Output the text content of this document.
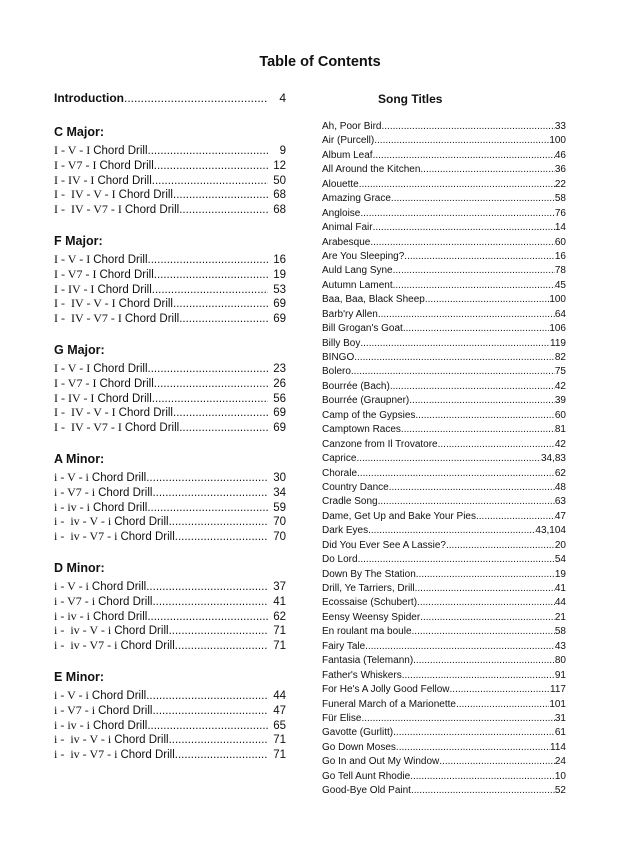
Table of Contents
Introduction .....	4
C Major:
I - V - I Chord Drill .....	9
I - V7 - I Chord Drill .....	12
I - IV - I Chord Drill .....	50
I -  IV - V - I Chord Drill .....	68
I -  IV - V7 - I Chord Drill .....	68
F Major:
I - V - I Chord Drill .....	16
I - V7 - I Chord Drill .....	19
I - IV - I Chord Drill .....	53
I -  IV - V - I Chord Drill .....	69
I -  IV - V7 - I Chord Drill .....	69
G Major:
I - V - I Chord Drill .....	23
I - V7 - I Chord Drill .....	26
I - IV - I Chord Drill .....	56
I -  IV - V - I Chord Drill .....	69
I -  IV - V7 - I Chord Drill .....	69
A Minor:
i - V - i Chord Drill .....	30
i - V7 - i Chord Drill .....	34
i - iv - i Chord Drill .....	59
i -  iv - V - i Chord Drill .....	70
i -  iv - V7 - i Chord Drill .....	70
D Minor:
i - V - i Chord Drill .....	37
i - V7 - i Chord Drill .....	41
i - iv - i Chord Drill .....	62
i -  iv - V - i Chord Drill .....	71
i -  iv - V7 - i Chord Drill .....	71
E Minor:
i - V - i Chord Drill .....	44
i - V7 - i Chord Drill .....	47
i - iv - i Chord Drill .....	65
i -  iv - V - i Chord Drill .....	71
i -  iv - V7 - i Chord Drill .....	71
Song Titles
Ah, Poor Bird .....	33
Air (Purcell) .....	100
Album Leaf .....	46
All Around the Kitchen .....	36
Alouette .....	22
Amazing Grace .....	58
Angloise .....	76
Animal Fair .....	14
Arabesque .....	60
Are You Sleeping? .....	16
Auld Lang Syne .....	78
Autumn Lament .....	45
Baa, Baa, Black Sheep .....	100
Barb'ry Allen .....	64
Bill Grogan's Goat .....	106
Billy Boy .....	119
BINGO .....	82
Bolero .....	75
Bourrée (Bach) .....	42
Bourrée (Graupner) .....	39
Camp of the Gypsies .....	60
Camptown Races .....	81
Canzone from Il Trovatore .....	42
Caprice .....	34,83
Chorale .....	62
Country Dance .....	48
Cradle Song .....	63
Dame, Get Up and Bake Your Pies .....	47
Dark Eyes .....	43,104
Did You Ever See A Lassie? .....	20
Do Lord .....	54
Down By The Station .....	19
Drill, Ye Tarriers, Drill .....	41
Ecossaise (Schubert) .....	44
Eensy Weensy Spider .....	21
En roulant ma boule .....	58
Fairy Tale .....	43
Fantasia (Telemann) .....	80
Father's Whiskers .....	91
For He's A Jolly Good Fellow .....	117
Funeral March of a Marionette .....	101
Für Elise .....	31
Gavotte (Gurlitt) .....	61
Go Down Moses .....	114
Go In and Out My Window .....	24
Go Tell Aunt Rhodie .....	10
Good-Bye Old Paint .....	52
